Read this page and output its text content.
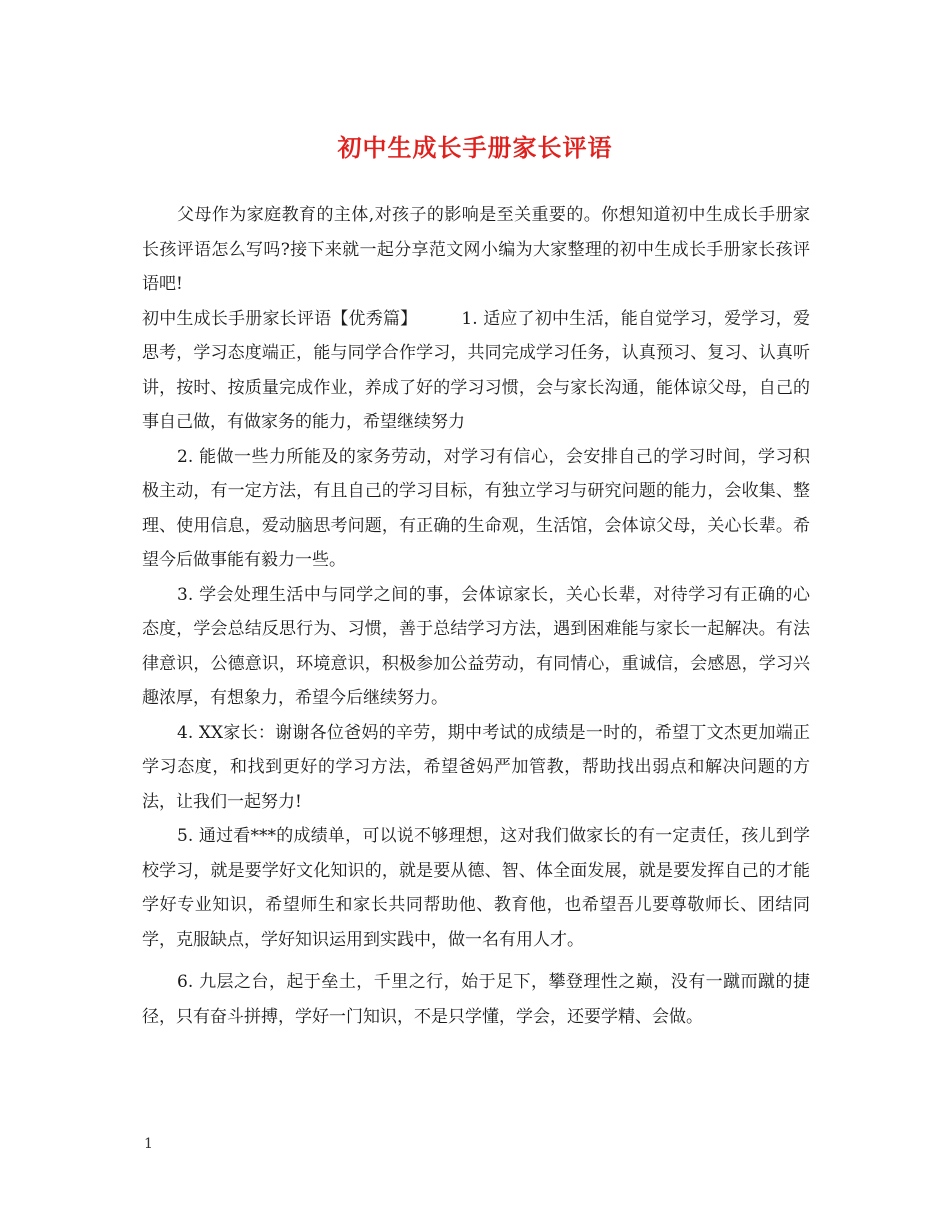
初中生成长手册家长评语

父母作为家庭教育的主体,对孩子的影响是至关重要的。你想知道初中生成长手册家长孩评语怎么写吗?接下来就一起分享范文网小编为大家整理的初中生成长手册家长孩评语吧!

初中生成长手册家长评语【优秀篇】	1. 适应了初中生活，能自觉学习，爱学习，爱思考，学习态度端正，能与同学合作学习，共同完成学习任务，认真预习、复习、认真听讲，按时、按质量完成作业，养成了好的学习习惯，会与家长沟通，能体谅父母，自己的事自己做，有做家务的能力，希望继续努力

2. 能做一些力所能及的家务劳动，对学习有信心，会安排自己的学习时间，学习积极主动，有一定方法，有且自己的学习目标，有独立学习与研究问题的能力，会收集、整理、使用信息，爱动脑思考问题，有正确的生命观，生活馆，会体谅父母，关心长辈。希望今后做事能有毅力一些。

3. 学会处理生活中与同学之间的事，会体谅家长，关心长辈，对待学习有正确的心态度，学会总结反思行为、习惯，善于总结学习方法，遇到困难能与家长一起解决。有法律意识，公德意识，环境意识，积极参加公益劳动，有同情心，重诚信，会感恩，学习兴趣浓厚，有想象力，希望今后继续努力。

4. XX家长：谢谢各位爸妈的辛劳，期中考试的成绩是一时的，希望丁文杰更加端正学习态度，和找到更好的学习方法，希望爸妈严加管教，帮助找出弱点和解决问题的方法，让我们一起努力!

5. 通过看***的成绩单，可以说不够理想，这对我们做家长的有一定责任，孩儿到学校学习，就是要学好文化知识的，就是要从德、智、体全面发展，就是要发挥自己的才能学好专业知识，希望师生和家长共同帮助他、教育他，也希望吾儿要尊敬师长、团结同学，克服缺点，学好知识运用到实践中，做一名有用人才。

6. 九层之台，起于垒土，千里之行，始于足下，攀登理性之巅，没有一蹴而蹴的捷径，只有奋斗拼搏，学好一门知识，不是只学懂，学会，还要学精、会做。

1
